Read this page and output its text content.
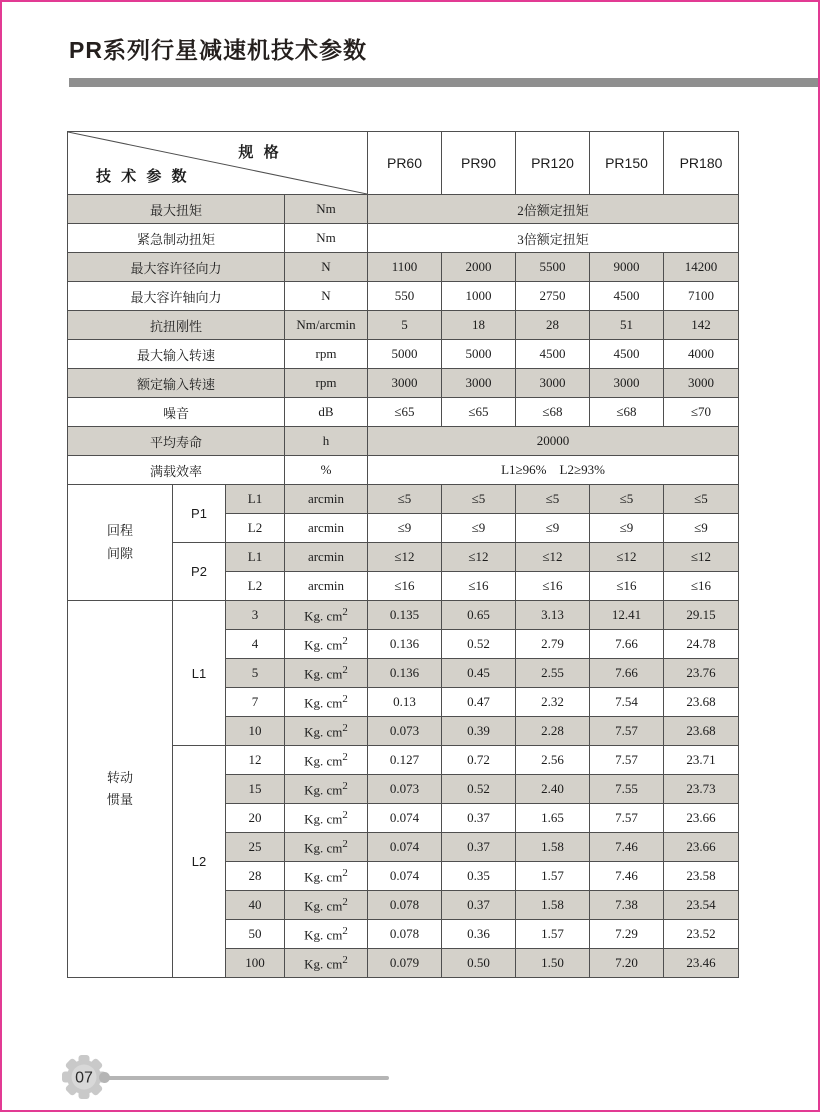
PR系列行星减速机技术参数
规 格
技 术 参 数				PR60	PR90	PR120	PR150	PR180
最大扭矩			Nm	2倍额定扭矩				
紧急制动扭矩			Nm	3倍额定扭矩				
最大容许径向力			N	1100	2000	5500	9000	14200
最大容许轴向力			N	550	1000	2750	4500	7100
抗扭刚性			Nm/arcmin	5	18	28	51	142
最大输入转速			rpm	5000	5000	4500	4500	4000
额定输入转速			rpm	3000	3000	3000	3000	3000
噪音			dB	≤65	≤65	≤68	≤68	≤70
平均寿命			h	20000				
满载效率			%	L1≥96%    L2≥93%				
回程
间隙	P1	L1	arcmin	≤5	≤5	≤5	≤5	≤5
		L2	arcmin	≤9	≤9	≤9	≤9	≤9
	P2	L1	arcmin	≤12	≤12	≤12	≤12	≤12
		L2	arcmin	≤16	≤16	≤16	≤16	≤16
转动
惯量	L1	3	Kg. $cm^2$	0.135	0.65	3.13	12.41	29.15
		4	Kg. $cm^2$	0.136	0.52	2.79	7.66	24.78
		5	Kg. $cm^2$	0.136	0.45	2.55	7.66	23.76
		7	Kg. $cm^2$	0.13	0.47	2.32	7.54	23.68
		10	Kg. $cm^2$	0.073	0.39	2.28	7.57	23.68
	L2	12	Kg. $cm^2$	0.127	0.72	2.56	7.57	23.71
		15	Kg. $cm^2$	0.073	0.52	2.40	7.55	23.73
		20	Kg. $cm^2$	0.074	0.37	1.65	7.57	23.66
		25	Kg. $cm^2$	0.074	0.37	1.58	7.46	23.66
		28	Kg. $cm^2$	0.074	0.35	1.57	7.46	23.58
		40	Kg. $cm^2$	0.078	0.37	1.58	7.38	23.54
		50	Kg. $cm^2$	0.078	0.36	1.57	7.29	23.52
		100	Kg. $cm^2$	0.079	0.50	1.50	7.20	23.46
07
